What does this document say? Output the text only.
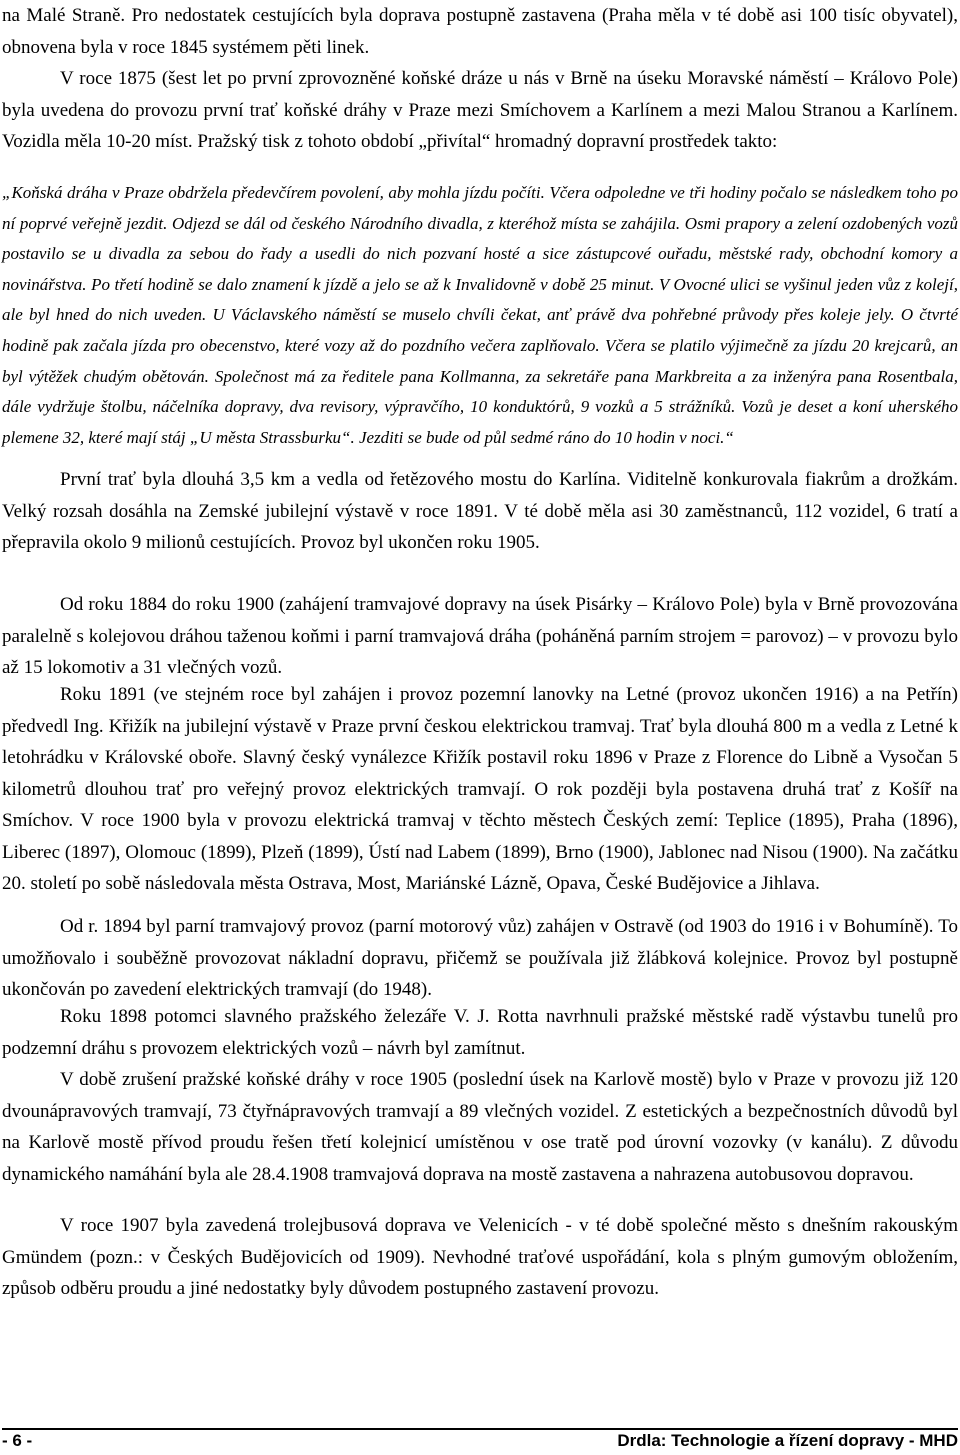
na Malé Straně. Pro nedostatek cestujících byla doprava postupně zastavena (Praha měla v té době asi 100 tisíc obyvatel), obnovena byla v roce 1845 systémem pěti linek.

V roce 1875 (šest let po první zprovozněné koňské dráze u nás v Brně na úseku Moravské náměstí – Královo Pole) byla uvedena do provozu první trať koňské dráhy v Praze mezi Smíchovem a Karlínem a mezi Malou Stranou a Karlínem. Vozidla měla 10-20 míst. Pražský tisk z tohoto období „přivítal“ hromadný dopravní prostředek takto:

„Koňská dráha v Praze obdržela předevčírem povolení, aby mohla jízdu počíti. Včera odpoledne ve tři hodiny počalo se následkem toho po ní poprvé veřejně jezdit. Odjezd se dál od českého Národního divadla, z kteréhož místa se zahájila. Osmi prapory a zelení ozdobených vozů postavilo se u divadla za sebou do řady a usedli do nich pozvaní hosté a sice zástupcové ouřadu, městské rady, obchodní komory a novinářstva. Po třetí hodině se dalo znamení k jízdě a jelo se až k Invalidovně v době 25 minut. V Ovocné ulici se vyšinul jeden vůz z kolejí, ale byl hned do nich uveden. U Václavského náměstí se muselo chvíli čekat, anť právě dva pohřebné průvody přes koleje jely. O čtvrté hodině pak začala jízda pro obecenstvo, které vozy až do pozdního večera zaplňovalo. Včera se platilo výjimečně za jízdu 20 krejcarů, an byl výtěžek chudým obětován. Společnost má za ředitele pana Kollmanna, za sekretáře pana Markbreita a za inženýra pana Rosentbala, dále vydržuje štolbu, náčelníka dopravy, dva revisory, výpravčího, 10 konduktórů, 9 vozků a 5 strážníků. Vozů je deset a koní uherského plemene 32, které mají stáj „U města Strassburku“. Jezditi se bude od půl sedmé ráno do 10 hodin v noci.“

První trať byla dlouhá 3,5 km a vedla od řetězového mostu do Karlína. Viditelně konkurovala fiakrům a drožkám. Velký rozsah dosáhla na Zemské jubilejní výstavě v roce 1891. V té době měla asi 30 zaměstnanců, 112 vozidel, 6 tratí a přepravila okolo 9 milionů cestujících. Provoz byl ukončen roku 1905.

Od roku 1884 do roku 1900 (zahájení tramvajové dopravy na úsek Pisárky – Královo Pole) byla v Brně provozována paralelně s kolejovou dráhou taženou koňmi i parní tramvajová dráha (poháněná parním strojem = parovoz) – v provozu bylo až 15 lokomotiv a 31 vlečných vozů.

Roku 1891 (ve stejném roce byl zahájen i provoz pozemní lanovky na Letné (provoz ukončen 1916) a na Petřín) předvedl Ing. Křižík na jubilejní výstavě v Praze první českou elektrickou tramvaj. Trať byla dlouhá 800 m a vedla z Letné k letohrádku v Královské oboře. Slavný český vynálezce Křižík postavil roku 1896 v Praze z Florence do Libně a Vysočan 5 kilometrů dlouhou trať pro veřejný provoz elektrických tramvají. O rok později byla postavena druhá trať z Košíř na Smíchov. V roce 1900 byla v provozu elektrická tramvaj v těchto městech Českých zemí: Teplice (1895), Praha (1896), Liberec (1897), Olomouc (1899), Plzeň (1899), Ústí nad Labem (1899), Brno (1900), Jablonec nad Nisou (1900). Na začátku 20. století po sobě následovala města Ostrava, Most, Mariánské Lázně, Opava, České Budějovice a Jihlava.

Od r. 1894 byl parní tramvajový provoz (parní motorový vůz) zahájen v Ostravě (od 1903 do 1916 i v Bohumíně). To umožňovalo i souběžně provozovat nákladní dopravu, přičemž se používala již žlábková kolejnice. Provoz byl postupně ukončován po zavedení elektrických tramvají (do 1948).

Roku 1898 potomci slavného pražského železáře V. J. Rotta navrhnuli pražské městské radě výstavbu tunelů pro podzemní dráhu s provozem elektrických vozů – návrh byl zamítnut.

V době zrušení pražské koňské dráhy v roce 1905 (poslední úsek na Karlově mostě) bylo v Praze v provozu již 120 dvounápravových tramvají, 73 čtyřnápravových tramvají a 89 vlečných vozidel. Z estetických a bezpečnostních důvodů byl na Karlově mostě přívod proudu řešen třetí kolejnicí umístěnou v ose tratě pod úrovní vozovky (v kanálu). Z důvodu dynamického namáhání byla ale 28.4.1908 tramvajová doprava na mostě zastavena a nahrazena autobusovou dopravou.

V roce 1907 byla zavedená trolejbusová doprava ve Velenicích - v té době společné město s dnešním rakouským Gmündem (pozn.: v Českých Budějovicích od 1909). Nevhodné traťové uspořádání, kola s plným gumovým obložením, způsob odběru proudu a jiné nedostatky byly důvodem postupného zastavení provozu.

- 6 -	Drdla: Technologie a řízení dopravy - MHD
